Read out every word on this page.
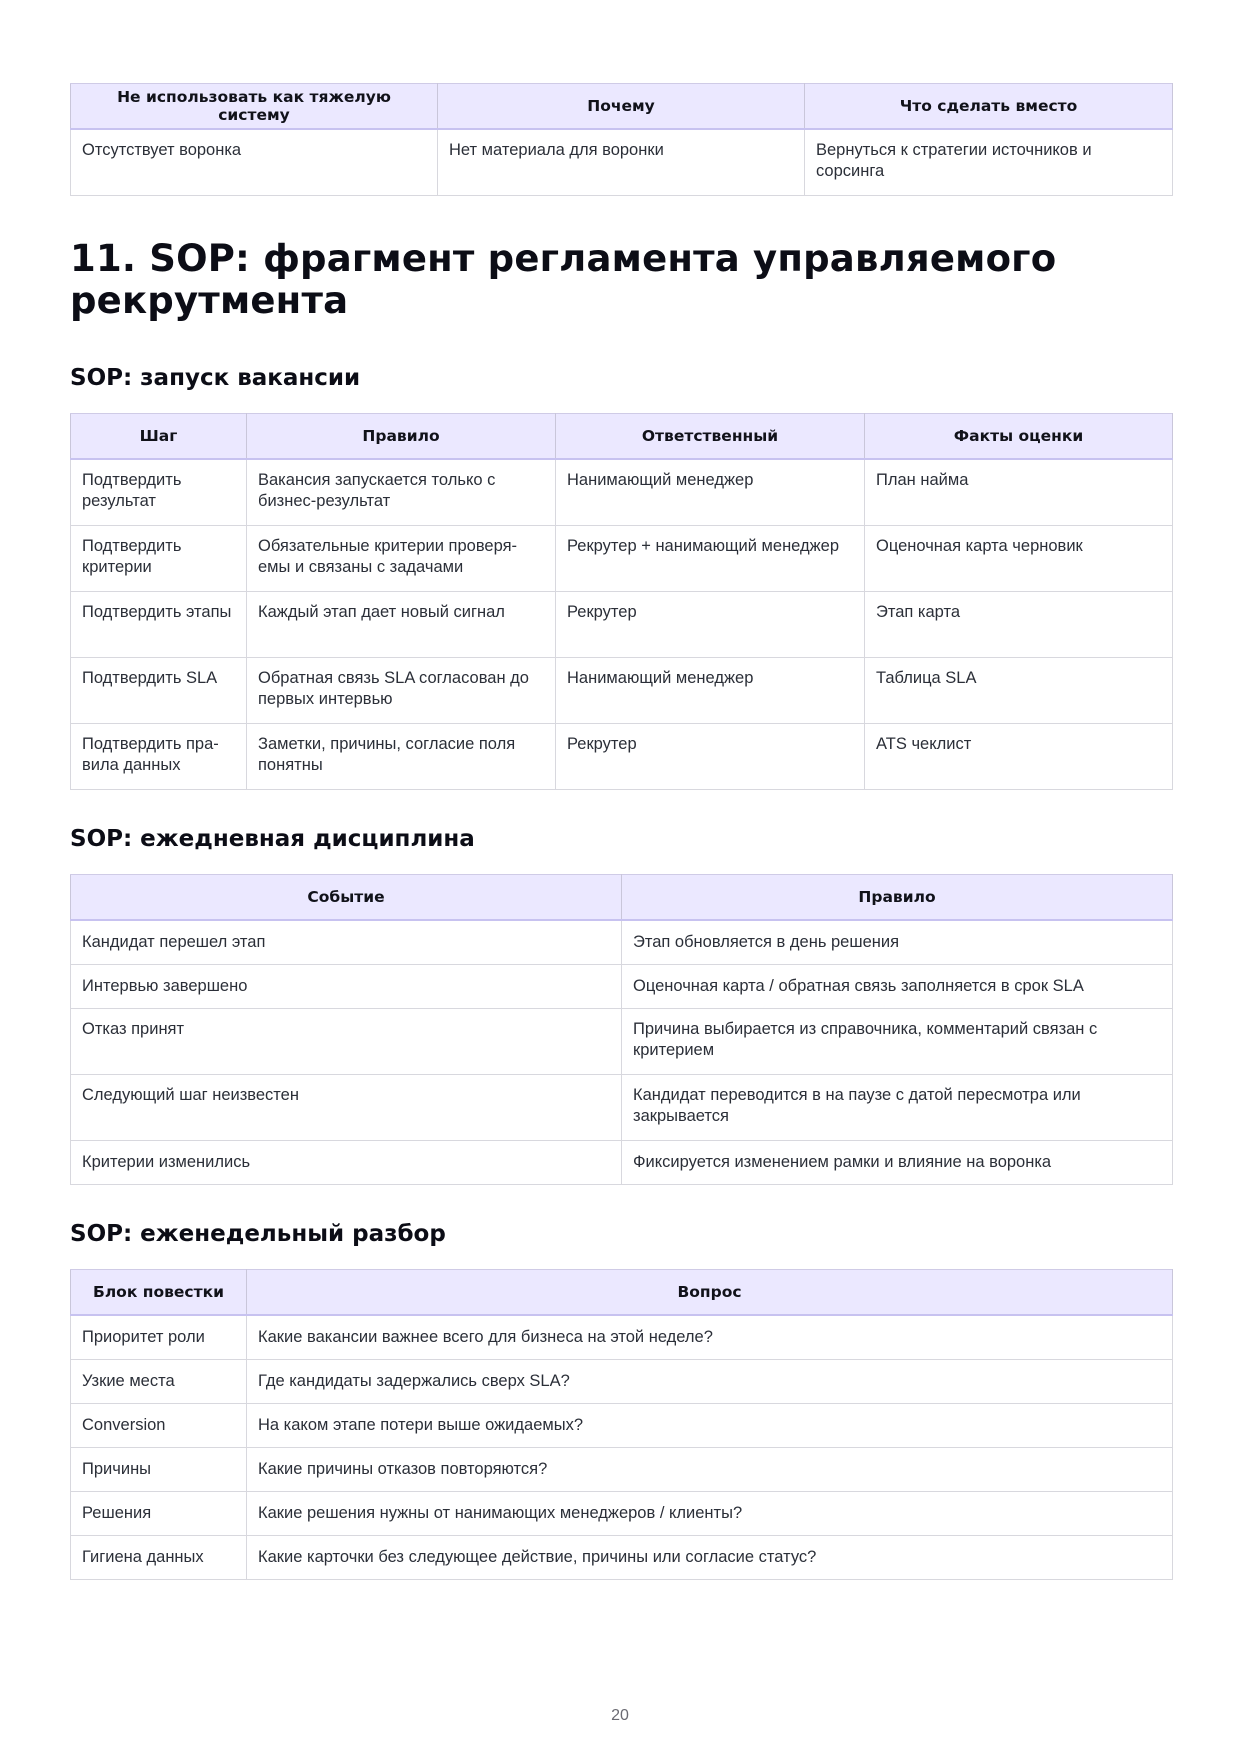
Не использовать как тяжелую систему	Почему	Что сделать вместо
Отсутствует воронка	Нет материала для воронки	Вернуться к стратегии источников и сорсинга
11. SOP: фрагмент регламента управляемого рекрутмента
SOP: запуск вакансии
Шаг	Правило	Ответственный	Факты оценки
Подтвердить результат	Вакансия запускается только с бизнес-результат	Нанимающий менеджер	План найма
Подтвердить критерии	Обязательные критерии проверя-емы и связаны с задачами	Рекрутер + нанимающий менеджер	Оценочная карта черновик
Подтвердить этапы	Каждый этап дает новый сигнал	Рекрутер	Этап карта
Подтвердить SLA	Обратная связь SLA согласован до первых интервью	Нанимающий менеджер	Таблица SLA
Подтвердить пра-вила данных	Заметки, причины, согласие поля понятны	Рекрутер	ATS чеклист
SOP: ежедневная дисциплина
Событие	Правило
Кандидат перешел этап	Этап обновляется в день решения
Интервью завершено	Оценочная карта / обратная связь заполняется в срок SLA
Отказ принят	Причина выбирается из справочника, комментарий связан с критерием
Следующий шаг неизвестен	Кандидат переводится в на паузе с датой пересмотра или закрывается
Критерии изменились	Фиксируется изменением рамки и влияние на воронка
SOP: еженедельный разбор
Блок повестки	Вопрос
Приоритет роли	Какие вакансии важнее всего для бизнеса на этой неделе?
Узкие места	Где кандидаты задержались сверх SLA?
Conversion	На каком этапе потери выше ожидаемых?
Причины	Какие причины отказов повторяются?
Решения	Какие решения нужны от нанимающих менеджеров / клиенты?
Гигиена данных	Какие карточки без следующее действие, причины или согласие статус?
20
